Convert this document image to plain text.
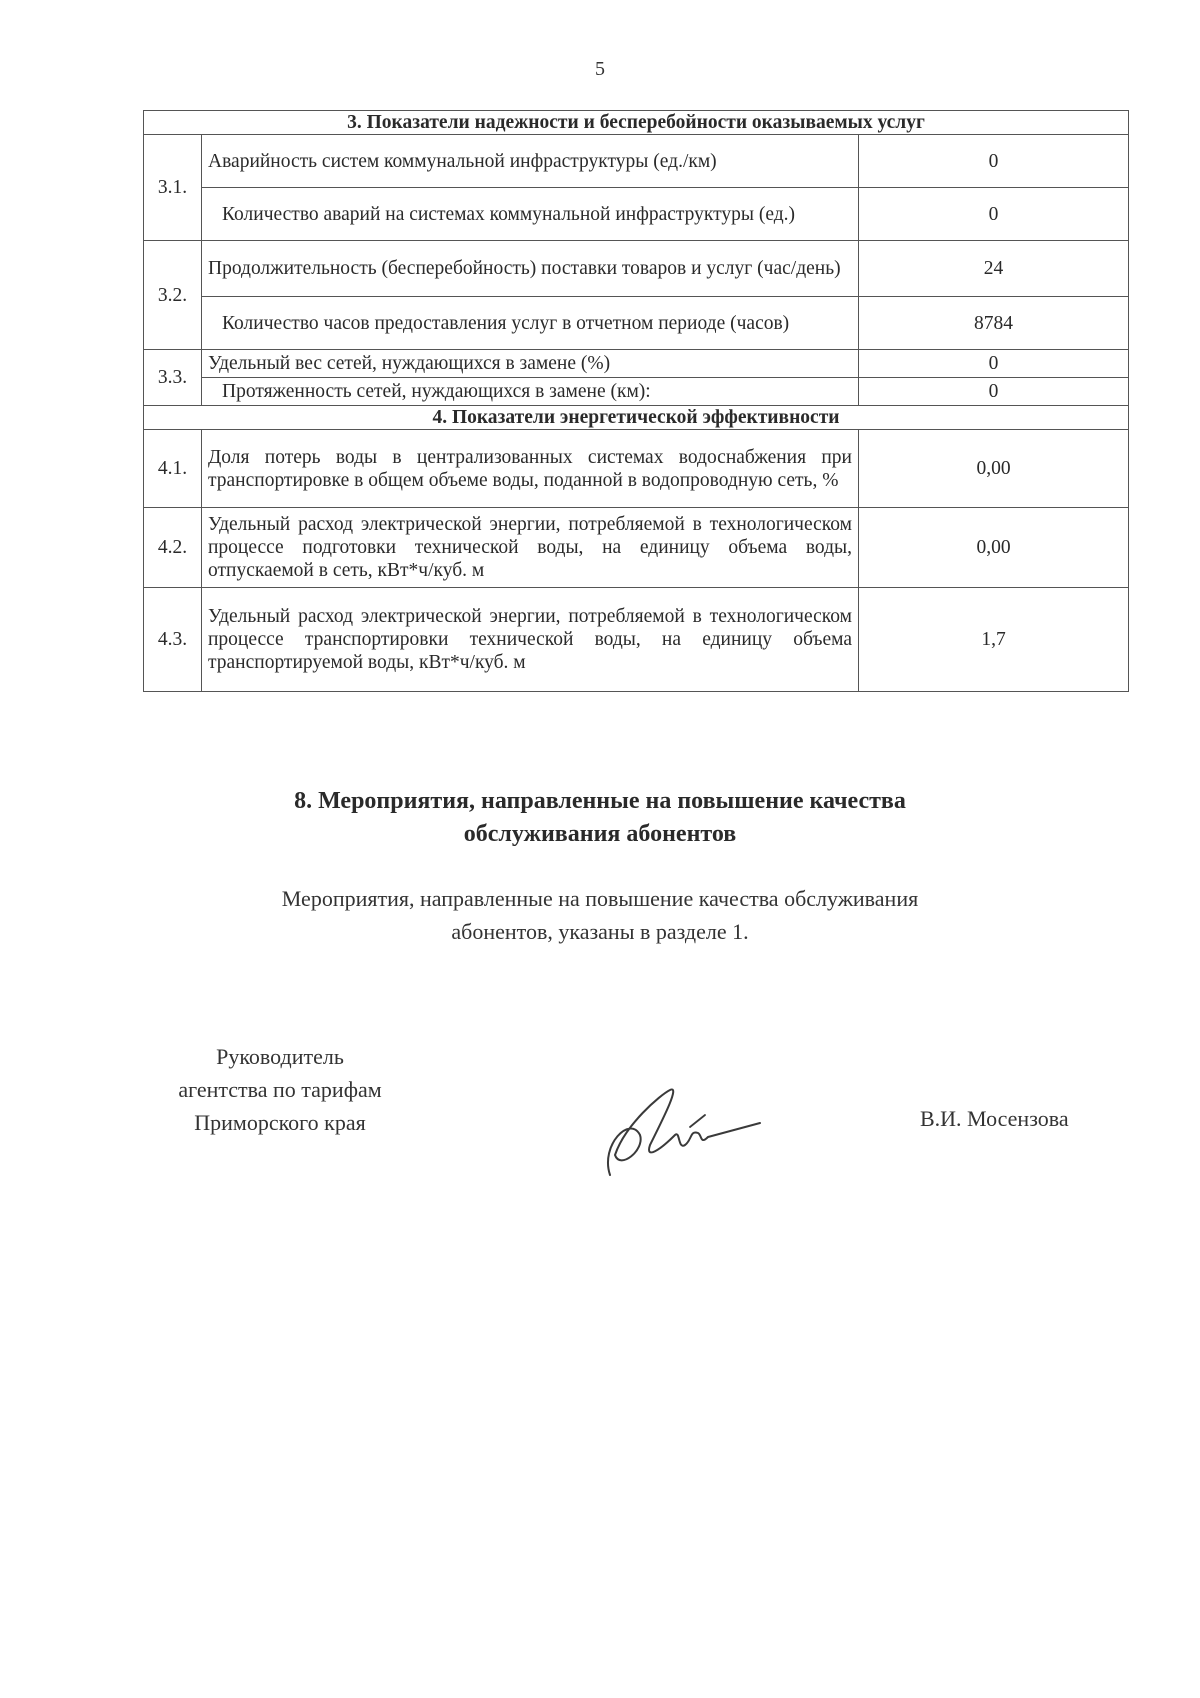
5
3. Показатели надежности и бесперебойности оказываемых услуг		
3.1.	Аварийность систем коммунальной инфраструктуры (ед./км)	0
	Количество аварий на системах коммунальной инфраструктуры (ед.)	0
3.2.	Продолжительность (бесперебойность) поставки товаров и услуг (час/день)	24
	Количество часов предоставления услуг в отчетном периоде (часов)	8784
3.3.	Удельный вес сетей, нуждающихся в замене (%)	0
	Протяженность сетей, нуждающихся в замене (км):	0
4. Показатели энергетической эффективности		
4.1.	Доля потерь воды в централизованных системах водоснабжения при транспортировке в общем объеме воды, поданной в водопроводную сеть, %	0,00
4.2.	Удельный расход электрической энергии, потребляемой в технологическом процессе подготовки технической воды, на единицу объема воды, отпускаемой в сеть, кВт*ч/куб. м	0,00
4.3.	Удельный расход электрической энергии, потребляемой в технологическом процессе транспортировки технической воды, на единицу объема транспортируемой воды, кВт*ч/куб. м	1,7
8. Мероприятия, направленные на повышение качества
обслуживания абонентов
Мероприятия, направленные на повышение качества обслуживания
абонентов, указаны в разделе 1.
Руководитель
агентства по тарифам
Приморского края	В.И. Мосензова
